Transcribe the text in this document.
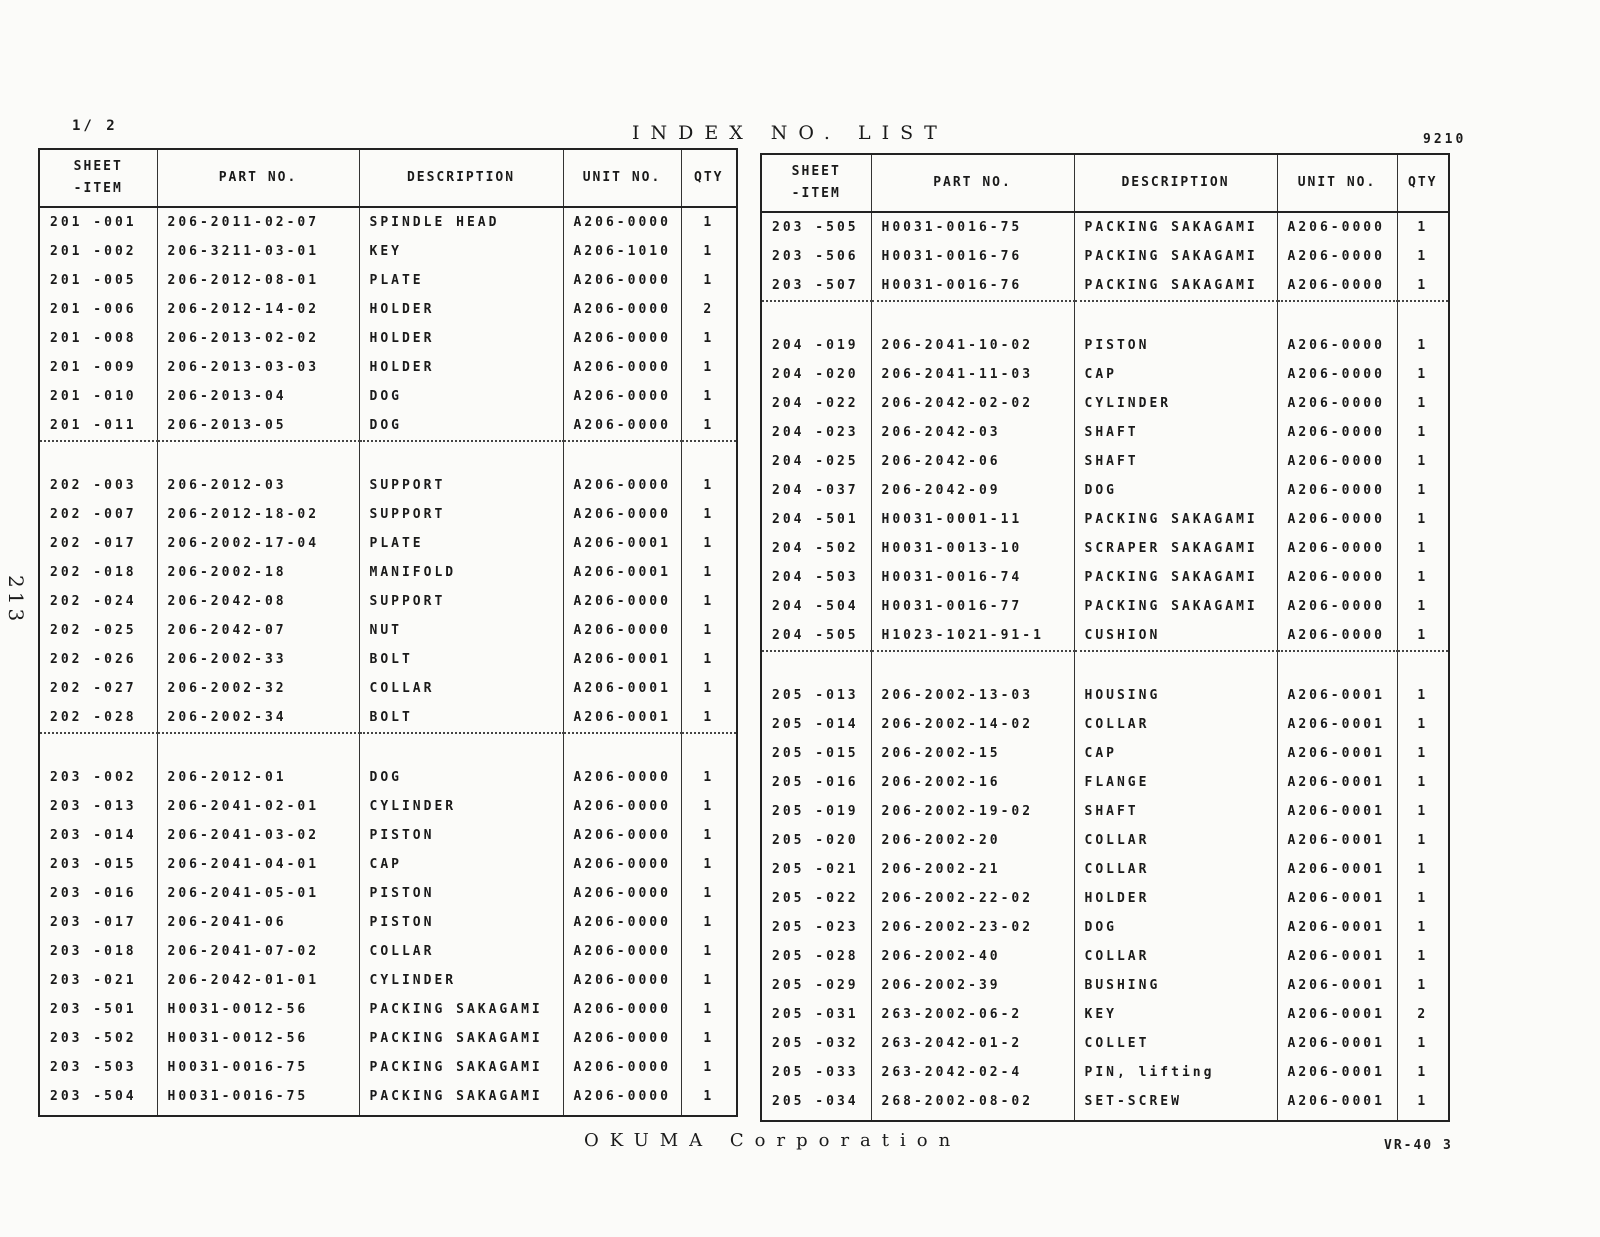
1/ 2	INDEX NO. LIST	9210
213
SHEET
-ITEM	PART NO.	DESCRIPTION	UNIT NO.	QTY
201 -001	206-2011-02-07	SPINDLE HEAD	A206-0000	1
201 -002	206-3211-03-01	KEY	A206-1010	1
201 -005	206-2012-08-01	PLATE	A206-0000	1
201 -006	206-2012-14-02	HOLDER	A206-0000	2
201 -008	206-2013-02-02	HOLDER	A206-0000	1
201 -009	206-2013-03-03	HOLDER	A206-0000	1
201 -010	206-2013-04	DOG	A206-0000	1
201 -011	206-2013-05	DOG	A206-0000	1

202 -003	206-2012-03	SUPPORT	A206-0000	1
202 -007	206-2012-18-02	SUPPORT	A206-0000	1
202 -017	206-2002-17-04	PLATE	A206-0001	1
202 -018	206-2002-18	MANIFOLD	A206-0001	1
202 -024	206-2042-08	SUPPORT	A206-0000	1
202 -025	206-2042-07	NUT	A206-0000	1
202 -026	206-2002-33	BOLT	A206-0001	1
202 -027	206-2002-32	COLLAR	A206-0001	1
202 -028	206-2002-34	BOLT	A206-0001	1

203 -002	206-2012-01	DOG	A206-0000	1
203 -013	206-2041-02-01	CYLINDER	A206-0000	1
203 -014	206-2041-03-02	PISTON	A206-0000	1
203 -015	206-2041-04-01	CAP	A206-0000	1
203 -016	206-2041-05-01	PISTON	A206-0000	1
203 -017	206-2041-06	PISTON	A206-0000	1
203 -018	206-2041-07-02	COLLAR	A206-0000	1
203 -021	206-2042-01-01	CYLINDER	A206-0000	1
203 -501	H0031-0012-56	PACKING SAKAGAMI	A206-0000	1
203 -502	H0031-0012-56	PACKING SAKAGAMI	A206-0000	1
203 -503	H0031-0016-75	PACKING SAKAGAMI	A206-0000	1
203 -504	H0031-0016-75	PACKING SAKAGAMI	A206-0000	1
SHEET
-ITEM	PART NO.	DESCRIPTION	UNIT NO.	QTY
203 -505	H0031-0016-75	PACKING SAKAGAMI	A206-0000	1
203 -506	H0031-0016-76	PACKING SAKAGAMI	A206-0000	1
203 -507	H0031-0016-76	PACKING SAKAGAMI	A206-0000	1

204 -019	206-2041-10-02	PISTON	A206-0000	1
204 -020	206-2041-11-03	CAP	A206-0000	1
204 -022	206-2042-02-02	CYLINDER	A206-0000	1
204 -023	206-2042-03	SHAFT	A206-0000	1
204 -025	206-2042-06	SHAFT	A206-0000	1
204 -037	206-2042-09	DOG	A206-0000	1
204 -501	H0031-0001-11	PACKING SAKAGAMI	A206-0000	1
204 -502	H0031-0013-10	SCRAPER SAKAGAMI	A206-0000	1
204 -503	H0031-0016-74	PACKING SAKAGAMI	A206-0000	1
204 -504	H0031-0016-77	PACKING SAKAGAMI	A206-0000	1
204 -505	H1023-1021-91-1	CUSHION	A206-0000	1

205 -013	206-2002-13-03	HOUSING	A206-0001	1
205 -014	206-2002-14-02	COLLAR	A206-0001	1
205 -015	206-2002-15	CAP	A206-0001	1
205 -016	206-2002-16	FLANGE	A206-0001	1
205 -019	206-2002-19-02	SHAFT	A206-0001	1
205 -020	206-2002-20	COLLAR	A206-0001	1
205 -021	206-2002-21	COLLAR	A206-0001	1
205 -022	206-2002-22-02	HOLDER	A206-0001	1
205 -023	206-2002-23-02	DOG	A206-0001	1
205 -028	206-2002-40	COLLAR	A206-0001	1
205 -029	206-2002-39	BUSHING	A206-0001	1
205 -031	263-2002-06-2	KEY	A206-0001	2
205 -032	263-2042-01-2	COLLET	A206-0001	1
205 -033	263-2042-02-4	PIN, lifting	A206-0001	1
205 -034	268-2002-08-02	SET-SCREW	A206-0001	1
OKUMA Corporation	VR-40 3
